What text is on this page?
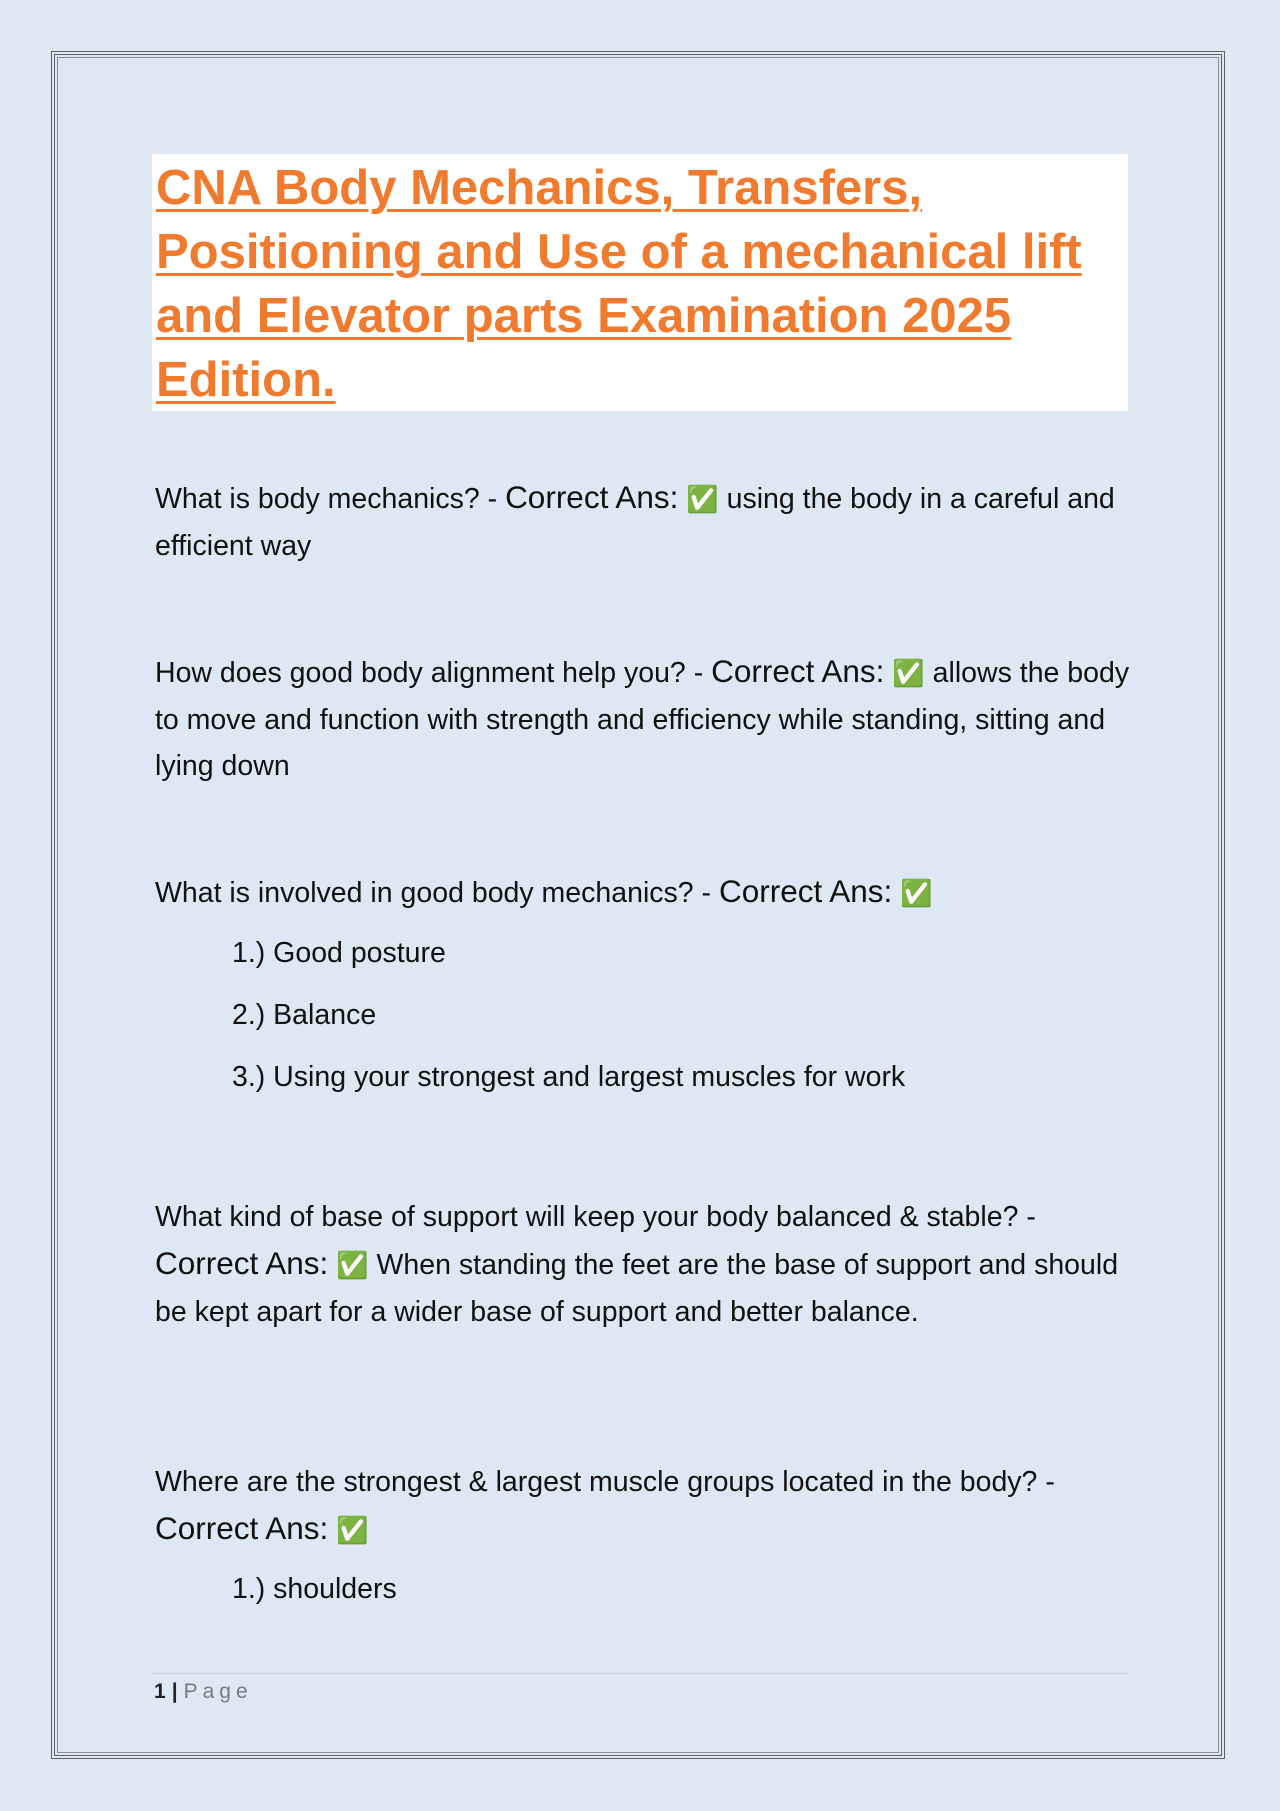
CNA Body Mechanics, Transfers, Positioning and Use of a mechanical lift and Elevator parts Examination 2025 Edition.

What is body mechanics? - Correct Ans: ✅ using the body in a careful and efficient way

How does good body alignment help you? - Correct Ans: ✅ allows the body to move and function with strength and efficiency while standing, sitting and lying down

What is involved in good body mechanics? - Correct Ans: ✅

1.) Good posture
2.) Balance
3.) Using your strongest and largest muscles for work

What kind of base of support will keep your body balanced & stable? - Correct Ans: ✅ When standing the feet are the base of support and should be kept apart for a wider base of support and better balance.

Where are the strongest & largest muscle groups located in the body? - Correct Ans: ✅

1.) shoulders
1 | Page
